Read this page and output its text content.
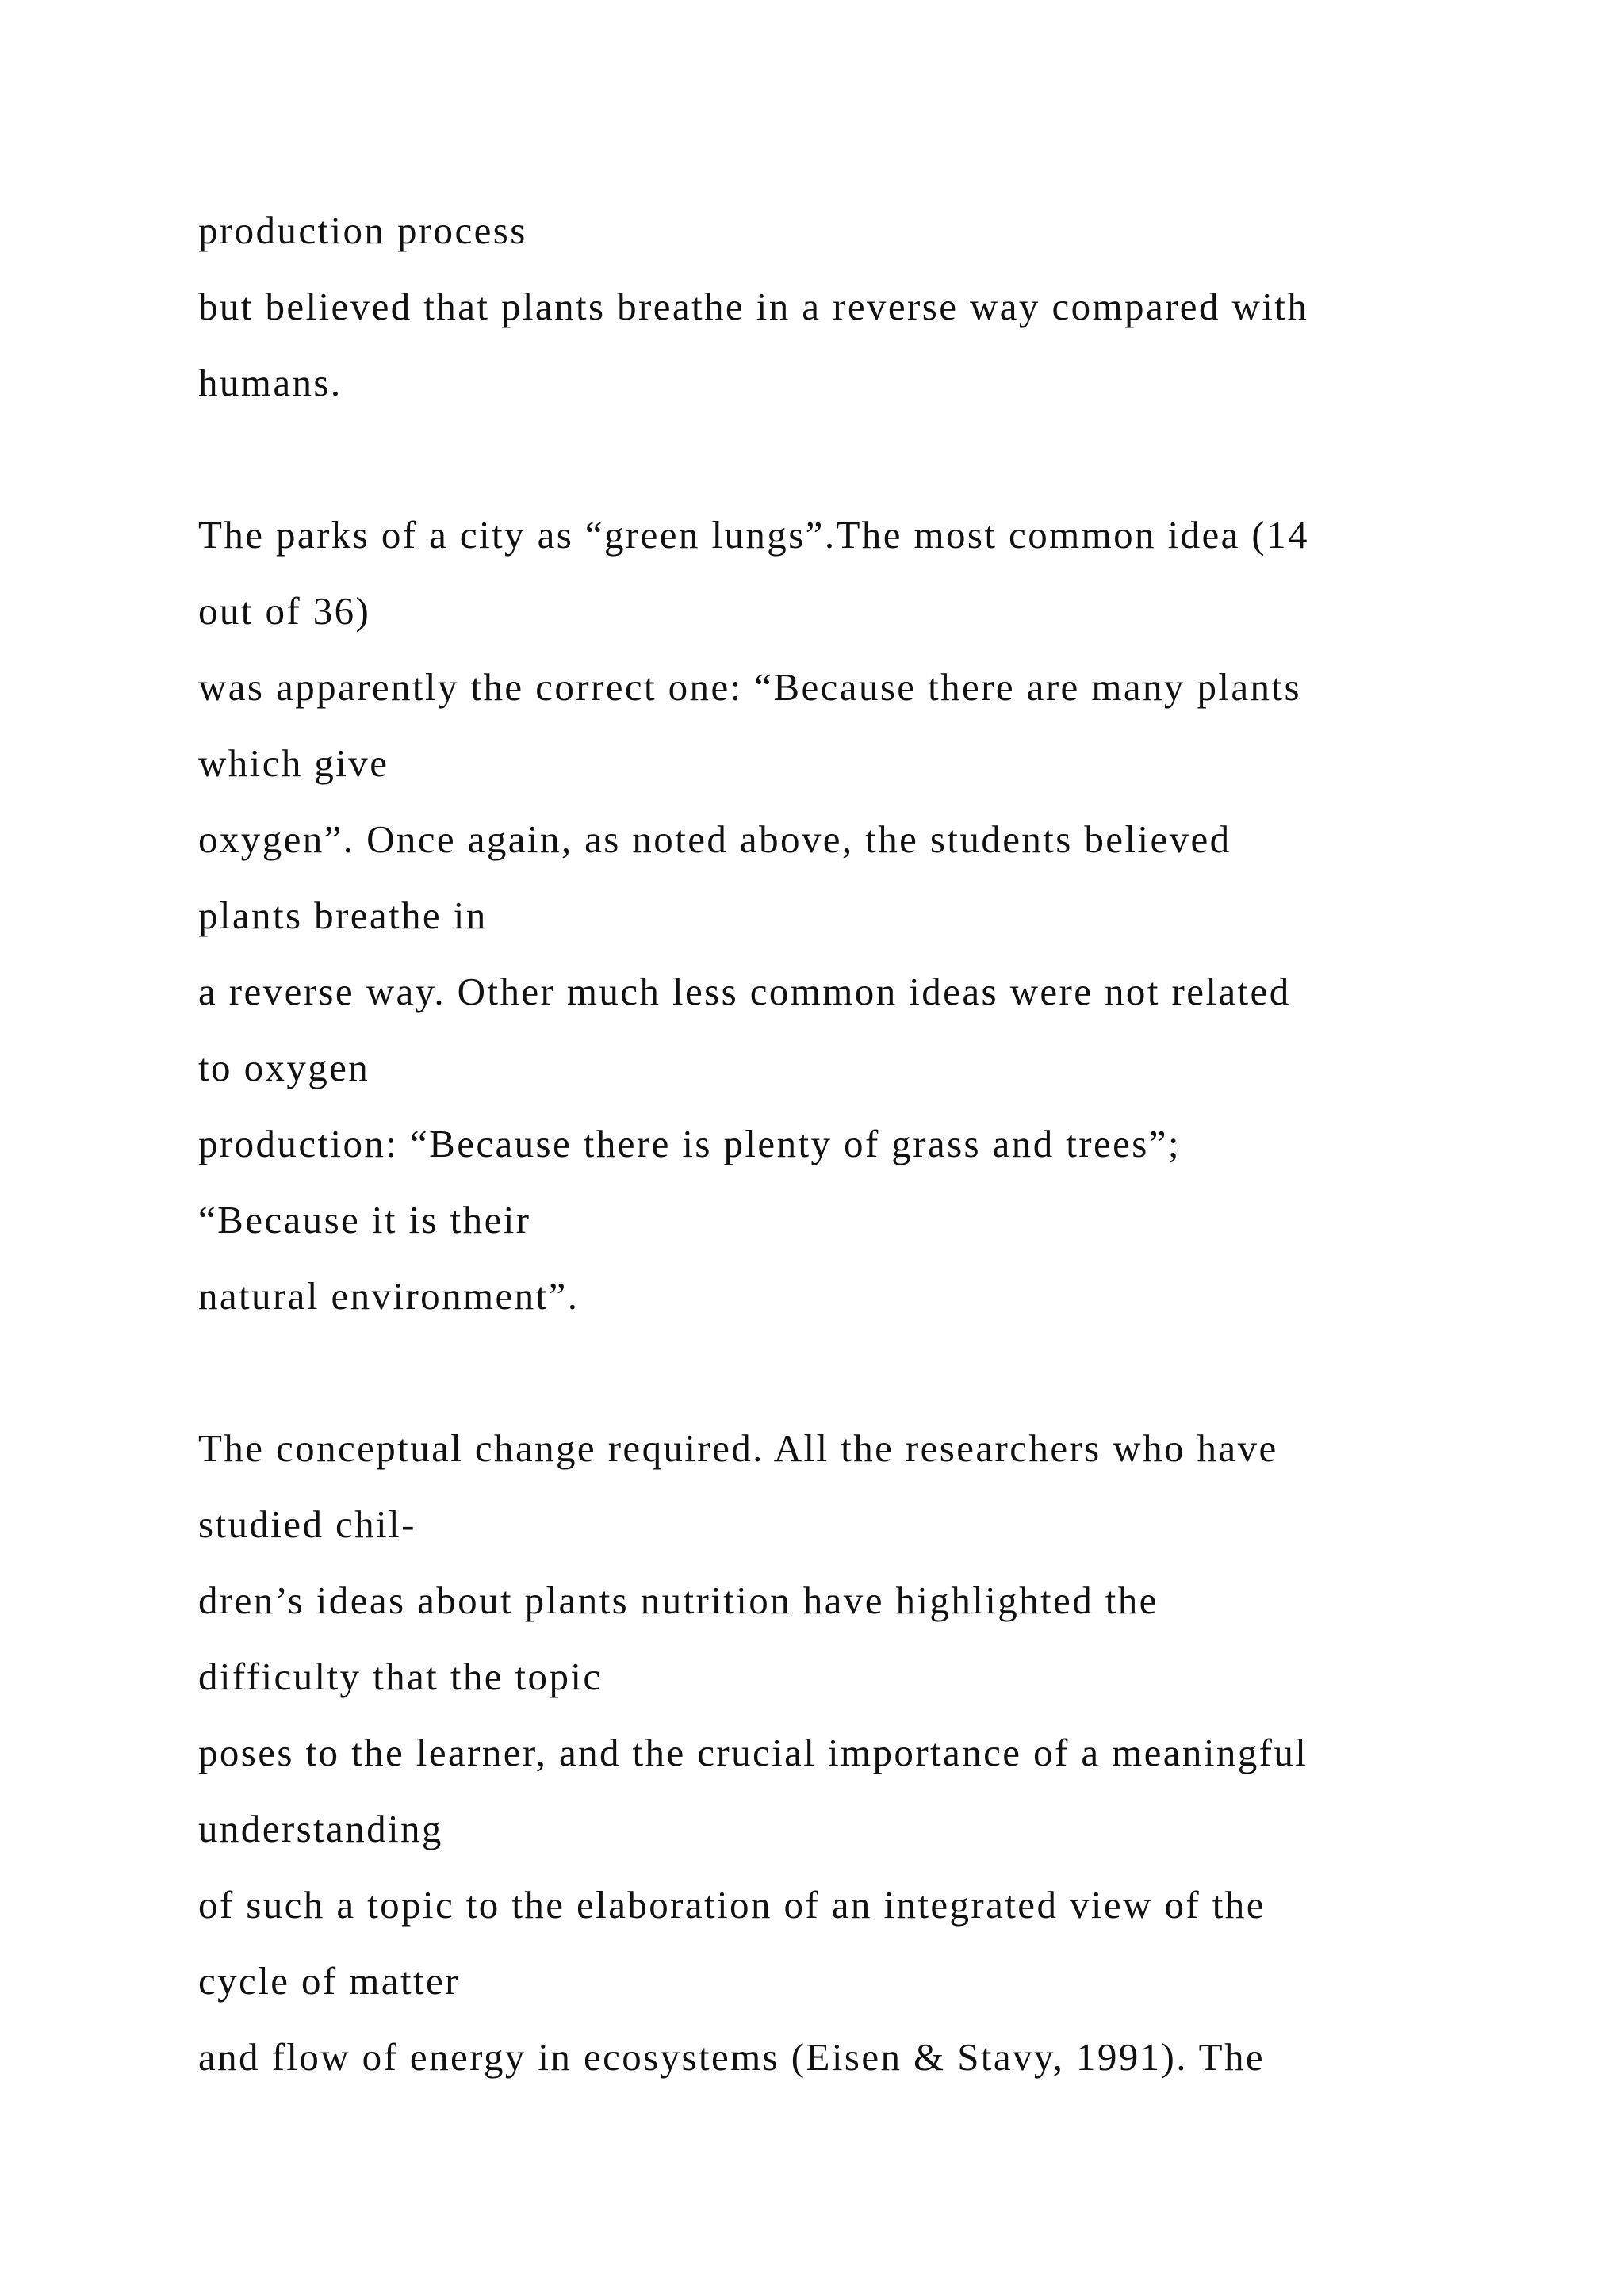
production process
but believed that plants breathe in a reverse way compared with
humans.
The parks of a city as “green lungs”.The most common idea (14
out of 36)
was apparently the correct one: “Because there are many plants
which give
oxygen”. Once again, as noted above, the students believed
plants breathe in
a reverse way. Other much less common ideas were not related
to oxygen
production: “Because there is plenty of grass and trees”;
“Because it is their
natural environment”.
The conceptual change required. All the researchers who have
studied chil-
dren’s ideas about plants nutrition have highlighted the
difficulty that the topic
poses to the learner, and the crucial importance of a meaningful
understanding
of such a topic to the elaboration of an integrated view of the
cycle of matter
and flow of energy in ecosystems (Eisen & Stavy, 1991). The
